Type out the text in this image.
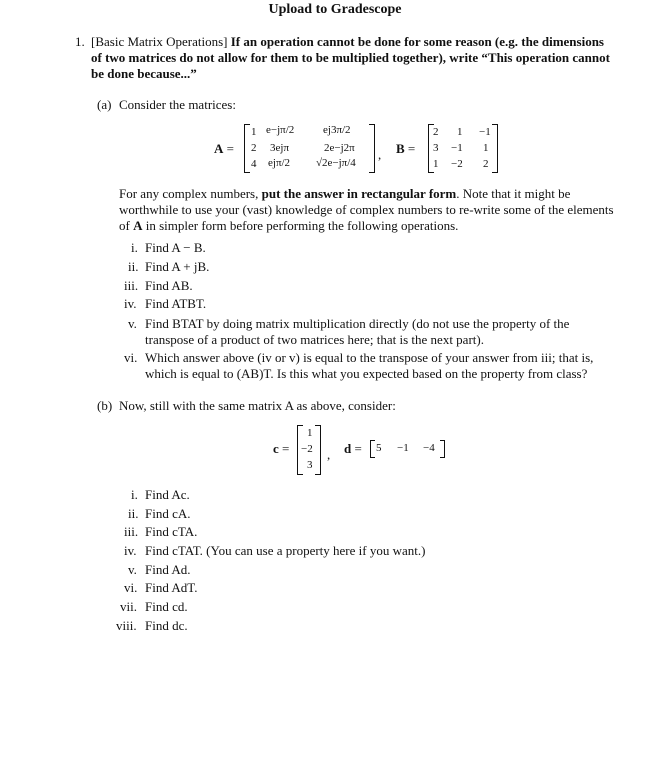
Upload to Gradescope
1. [Basic Matrix Operations] If an operation cannot be done for some reason (e.g. the dimensions
of two matrices do not allow for them to be multiplied together), write “This operation cannot
be done because...”
(a) Consider the matrices:
A =
1 e−jπ/2	ej3π/2
2 3ejπ	2e−j2π
4 ejπ/2 √2e−jπ/4
, B =
2 1 −1
3 −1 1
1 −2 2
For any complex numbers, put the answer in rectangular form. Note that it might be
worthwhile to use your (vast) knowledge of complex numbers to re-write some of the elements
of A in simpler form before performing the following operations.
i. Find A − B.
ii. Find A + jB.
iii. Find AB.
iv. Find ATBT.
v. Find BTAT by doing matrix multiplication directly (do not use the property of the
transpose of a product of two matrices here; that is the next part).
vi. Which answer above (iv or v) is equal to the transpose of your answer from iii; that is,
which is equal to (AB)T. Is this what you expected based on the property from class?
(b) Now, still with the same matrix A as above, consider:
c =
1
−2
3
, d = 5 −1 −4
i. Find Ac.
ii. Find cA.
iii. Find cTA.
iv. Find cTAT. (You can use a property here if you want.)
v. Find Ad.
vi. Find AdT.
vii. Find cd.
viii. Find dc.
